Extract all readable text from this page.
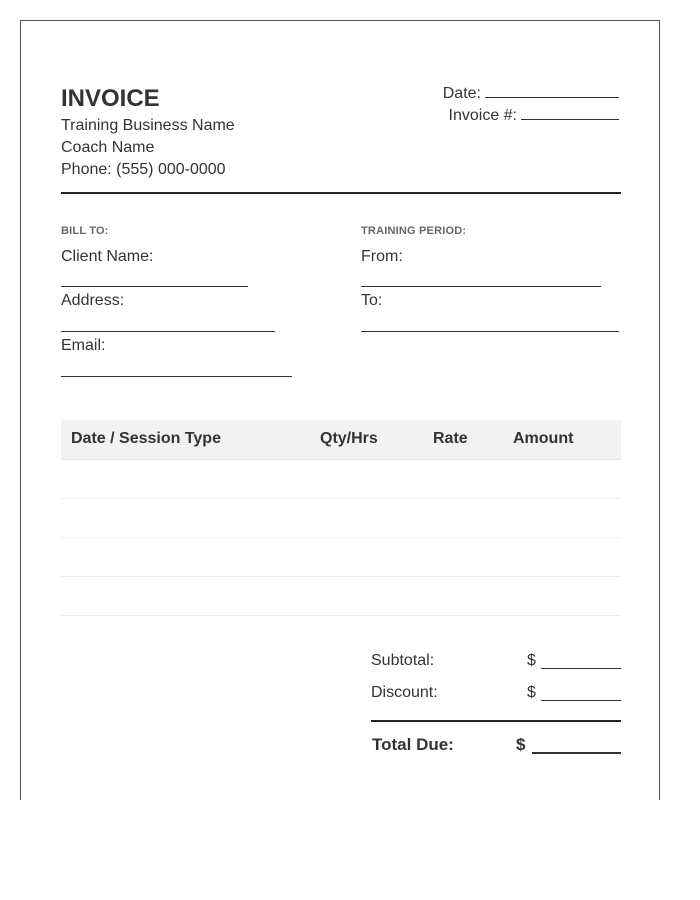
INVOICE
Training Business Name
Coach Name
Phone: (555) 000-0000
Date:
Invoice #:
BILL TO:
Client Name:
Address:
Email:
TRAINING PERIOD:
From:
To:
Date / Session Type	Qty/Hrs	Rate	Amount
Subtotal:	$
Discount:	$
Total Due:	$
